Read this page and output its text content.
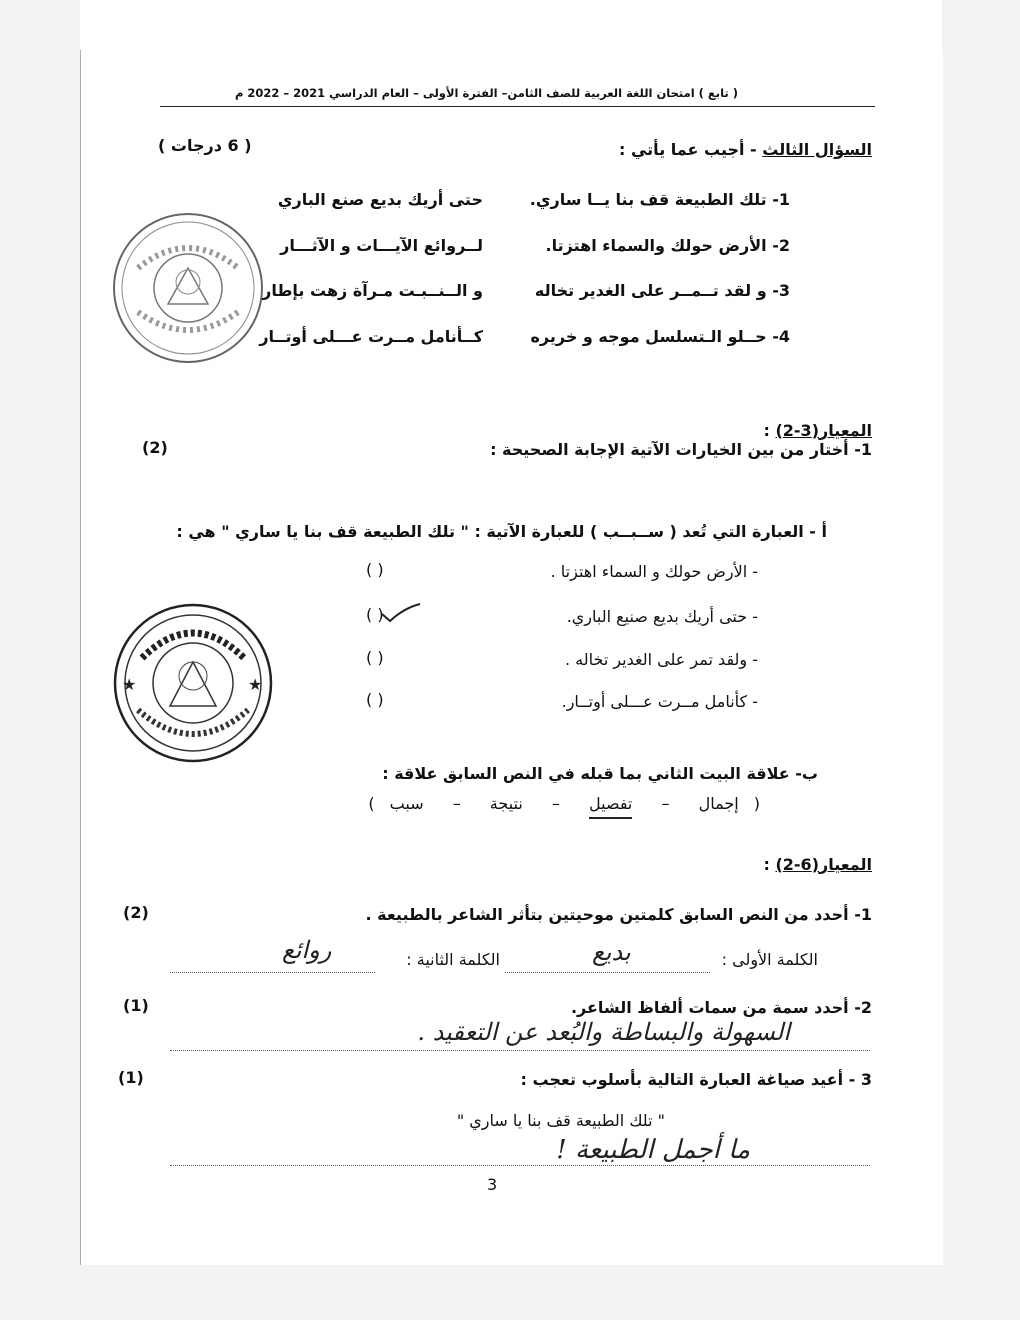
( تابع ) امتحان اللغة العربية للصف الثامن– الفترة الأولى – العام الدراسي 2021 – 2022 م
السؤال الثالث - أجيب عما يأتي :
( 6 درجات )
1- تلك الطبيعة قف بنا يــا ساري.
حتى أريك بديع صنع الباري
2- الأرض حولك والسماء اهتزتا.
لــروائع الآيـــات و الآثـــار
3- و لقد تــمــر على الغدير تخاله
و الــنــبـت مـرآة زهت بإطار
4- حــلو الـتسلسل موجه و خريره
كــأنامل مــرت عـــلى أوتــار
المعيار(2-3) :
1- أختار من بين الخيارات الآتية الإجابة الصحيحة :
(2)
أ - العبارة التي تُعد ( ســبــب ) للعبارة الآتية : " تلك الطبيعة قف بنا يا ساري " هي :
- الأرض حولك و السماء اهتزتا .
( )
- حتى أريك بديع صنيع الباري.
( )
- ولقد تمر على الغدير تخاله .
( )
- كأنامل مــرت عـــلى أوتــار.
( )
★	★
ب- علاقة البيت الثاني بما قبله في النص السابق علاقة :
( إجمال – تفصيل – نتيجة – سبب )
المعيار(2-6) :
1- أحدد من النص السابق كلمتين موحيتين بتأثر الشاعر بالطبيعة .
(2)
الكلمة الأولى :
بديع
الكلمة الثانية :
روائع
2- أحدد سمة من سمات ألفاظ الشاعر.
(1)
السهولة والبساطة والبُعد عن التعقيد .
3 - أعيد صياغة العبارة التالية بأسلوب تعجب :
(1)
" تلك الطبيعة قف بنا يا ساري "
ما أجمل الطبيعة !
3
